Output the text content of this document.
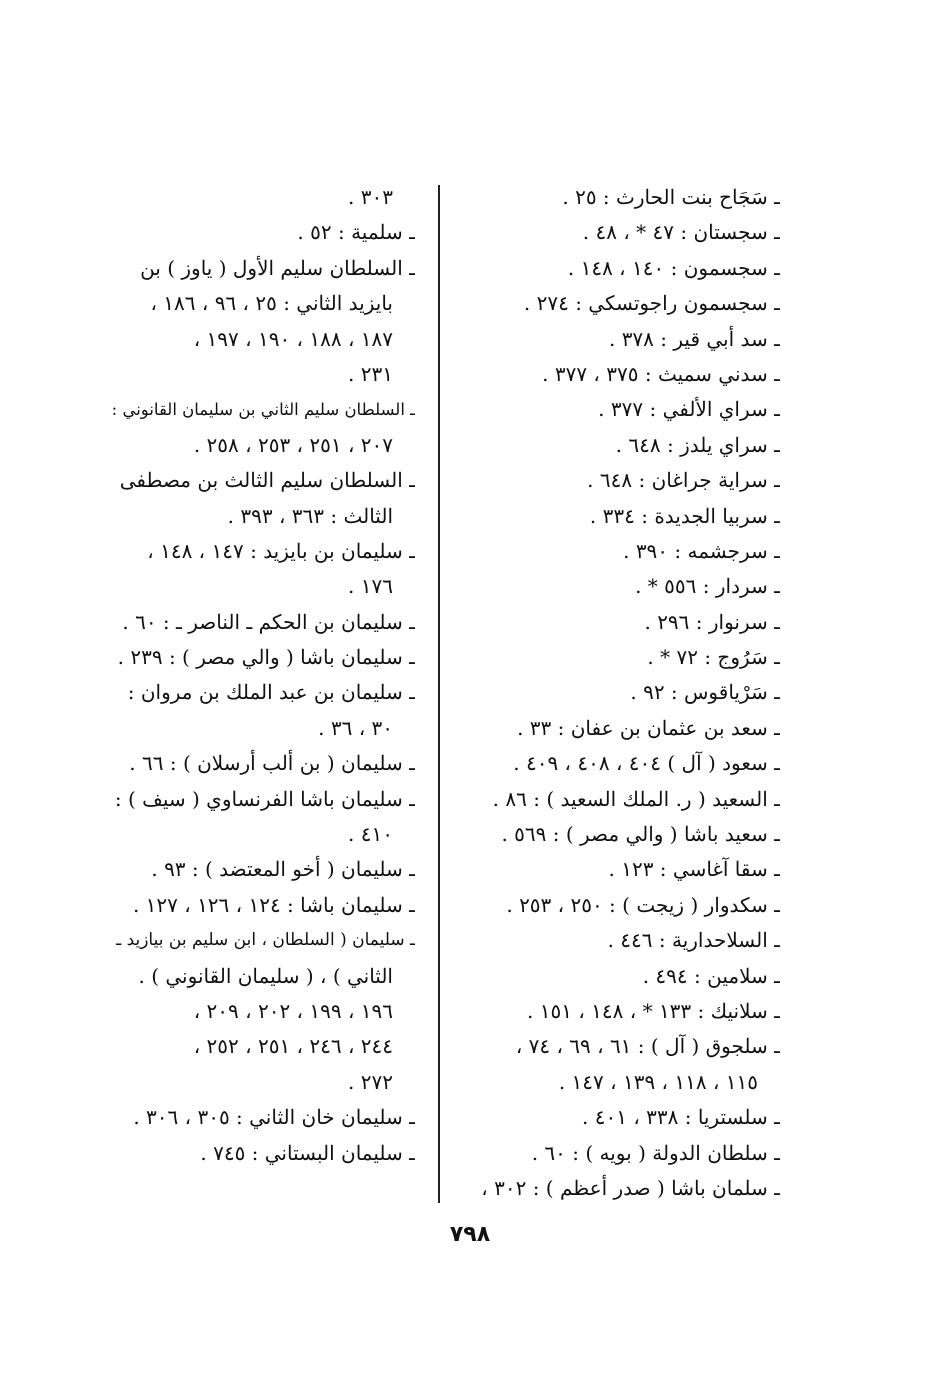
ـ سَجَاح بنت الحارث : ٢٥ .
ـ سجستان : ٤٧ * ، ٤٨ .
ـ سجسمون : ١٤٠ ، ١٤٨ .
ـ سجسمون راجوتسكي : ٢٧٤ .
ـ سد أبي قير : ٣٧٨ .
ـ سدني سميث : ٣٧٥ ، ٣٧٧ .
ـ سراي الألفي : ٣٧٧ .
ـ سراي يلدز : ٦٤٨ .
ـ سراية جراغان : ٦٤٨ .
ـ سربيا الجديدة : ٣٣٤ .
ـ سرجشمه : ٣٩٠ .
ـ سردار : ٥٥٦ * .
ـ سرنوار : ٢٩٦ .
ـ سَرُوج : ٧٢ * .
ـ سَرْياقوس : ٩٢ .
ـ سعد بن عثمان بن عفان : ٣٣ .
ـ سعود ( آل ) ٤٠٤ ، ٤٠٨ ، ٤٠٩ .
ـ السعيد ( ر. الملك السعيد ) : ٨٦ .
ـ سعيد باشا ( والي مصر ) : ٥٦٩ .
ـ سقا آغاسي : ١٢٣ .
ـ سكدوار ( زيجت ) : ٢٥٠ ، ٢٥٣ .
ـ السلاحدارية : ٤٤٦ .
ـ سلامين : ٤٩٤ .
ـ سلانيك : ١٣٣ * ، ١٤٨ ، ١٥١ .
ـ سلجوق ( آل ) : ٦١ ، ٦٩ ، ٧٤ ،
١١٥ ، ١١٨ ، ١٣٩ ، ١٤٧ .
ـ سلستريا : ٣٣٨ ، ٤٠١ .
ـ سلطان الدولة ( بويه ) : ٦٠ .
ـ سلمان باشا ( صدر أعظم ) : ٣٠٢ ،
٣٠٣ .
ـ سلمية : ٥٢ .
ـ السلطان سليم الأول ( ياوز ) بن
بايزيد الثاني : ٢٥ ، ٩٦ ، ١٨٦ ،
١٨٧ ، ١٨٨ ، ١٩٠ ، ١٩٧ ،
٢٣١ .
ـ السلطان سليم الثاني بن سليمان القانوني :
٢٠٧ ، ٢٥١ ، ٢٥٣ ، ٢٥٨ .
ـ السلطان سليم الثالث بن مصطفى
الثالث : ٣٦٣ ، ٣٩٣ .
ـ سليمان بن بايزيد : ١٤٧ ، ١٤٨ ،
١٧٦ .
ـ سليمان بن الحكم ـ الناصر ـ : ٦٠ .
ـ سليمان باشا ( والي مصر ) : ٢٣٩ .
ـ سليمان بن عبد الملك بن مروان :
٣٠ ، ٣٦ .
ـ سليمان ( بن ألب أرسلان ) : ٦٦ .
ـ سليمان باشا الفرنساوي ( سيف ) :
٤١٠ .
ـ سليمان ( أخو المعتضد ) : ٩٣ .
ـ سليمان باشا : ١٢٤ ، ١٢٦ ، ١٢٧ .
ـ سليمان ( السلطان ، ابن سليم بن بيازيد ـ
الثاني ) ، ( سليمان القانوني ) .
١٩٦ ، ١٩٩ ، ٢٠٢ ، ٢٠٩ ،
٢٤٤ ، ٢٤٦ ، ٢٥١ ، ٢٥٢ ،
٢٧٢ .
ـ سليمان خان الثاني : ٣٠٥ ، ٣٠٦ .
ـ سليمان البستاني : ٧٤٥ .
٧٩٨
